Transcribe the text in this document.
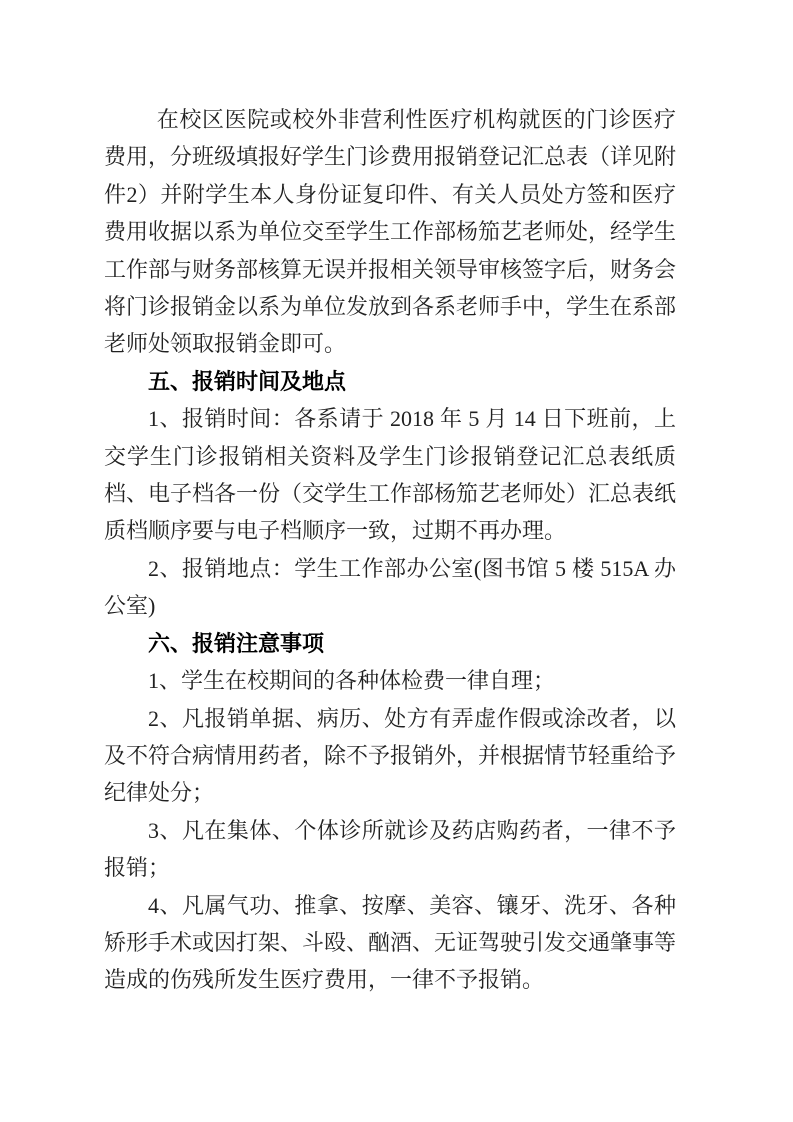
在校区医院或校外非营利性医疗机构就医的门诊医疗费用，分班级填报好学生门诊费用报销登记汇总表（详见附件2）并附学生本人身份证复印件、有关人员处方签和医疗费用收据以系为单位交至学生工作部杨笳艺老师处，经学生工作部与财务部核算无误并报相关领导审核签字后，财务会将门诊报销金以系为单位发放到各系老师手中，学生在系部老师处领取报销金即可。

五、报销时间及地点

1、报销时间：各系请于 2018 年 5 月 14 日下班前，上交学生门诊报销相关资料及学生门诊报销登记汇总表纸质档、电子档各一份（交学生工作部杨笳艺老师处）汇总表纸质档顺序要与电子档顺序一致，过期不再办理。

2、报销地点：学生工作部办公室(图书馆 5 楼 515A 办公室)

六、报销注意事项

1、学生在校期间的各种体检费一律自理；

2、凡报销单据、病历、处方有弄虚作假或涂改者，以及不符合病情用药者，除不予报销外，并根据情节轻重给予纪律处分；

3、凡在集体、个体诊所就诊及药店购药者，一律不予报销；

4、凡属气功、推拿、按摩、美容、镶牙、洗牙、各种矫形手术或因打架、斗殴、酗酒、无证驾驶引发交通肇事等造成的伤残所发生医疗费用，一律不予报销。
